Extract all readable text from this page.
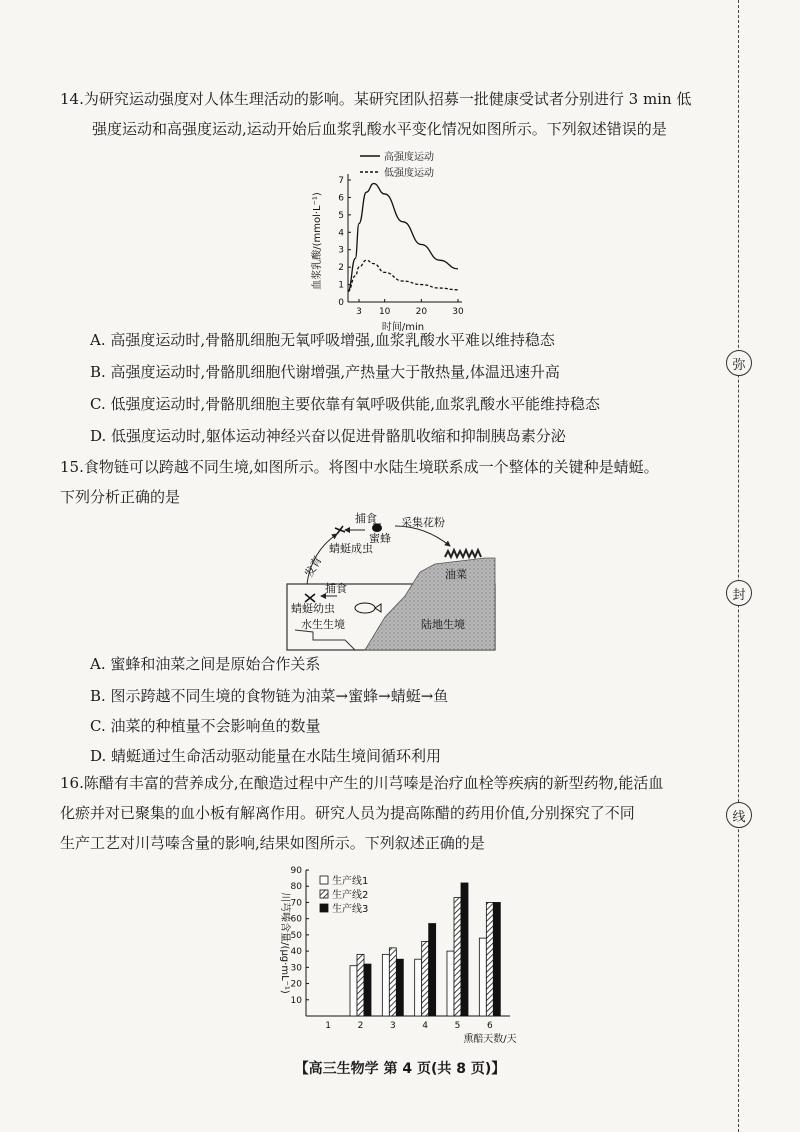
弥
封
线
14.为研究运动强度对人体生理活动的影响。某研究团队招募一批健康受试者分别进行 3 min 低
强度运动和高强度运动,运动开始后血浆乳酸水平变化情况如图所示。下列叙述错误的是
高强度运动
低强度运动
0
1
2
3
4
5
6
7
3 10	20	30
时间/min
血浆乳酸/(mmol·L⁻¹)
A. 高强度运动时,骨骼肌细胞无氧呼吸增强,血浆乳酸水平难以维持稳态
B. 高强度运动时,骨骼肌细胞代谢增强,产热量大于散热量,体温迅速升高
C. 低强度运动时,骨骼肌细胞主要依靠有氧呼吸供能,血浆乳酸水平能维持稳态
D. 低强度运动时,躯体运动神经兴奋以促进骨骼肌收缩和抑制胰岛素分泌
15.食物链可以跨越不同生境,如图所示。将图中水陆生境联系成一个整体的关键种是蜻蜓。
下列分析正确的是
捕食
蜜蜂
采集花粉
蜻蜓成虫
发育	油菜
捕食
蜻蜓幼虫
水生生境	陆地生境
A. 蜜蜂和油菜之间是原始合作关系
B. 图示跨越不同生境的食物链为油菜→蜜蜂→蜻蜓→鱼
C. 油菜的种植量不会影响鱼的数量
D. 蜻蜓通过生命活动驱动能量在水陆生境间循环利用
16.陈醋有丰富的营养成分,在酿造过程中产生的川芎嗪是治疗血栓等疾病的新型药物,能活血
化瘀并对已聚集的血小板有解离作用。研究人员为提高陈醋的药用价值,分别探究了不同
生产工艺对川芎嗪含量的影响,结果如图所示。下列叙述正确的是
10
20
30
40
50
60
70
80
90
川芎嗪含量/(μg·mL⁻¹)
1	2	3	4	5	6
熏醅天数/天
生产线1
生产线2
生产线3
【高三生物学 第 4 页(共 8 页)】
